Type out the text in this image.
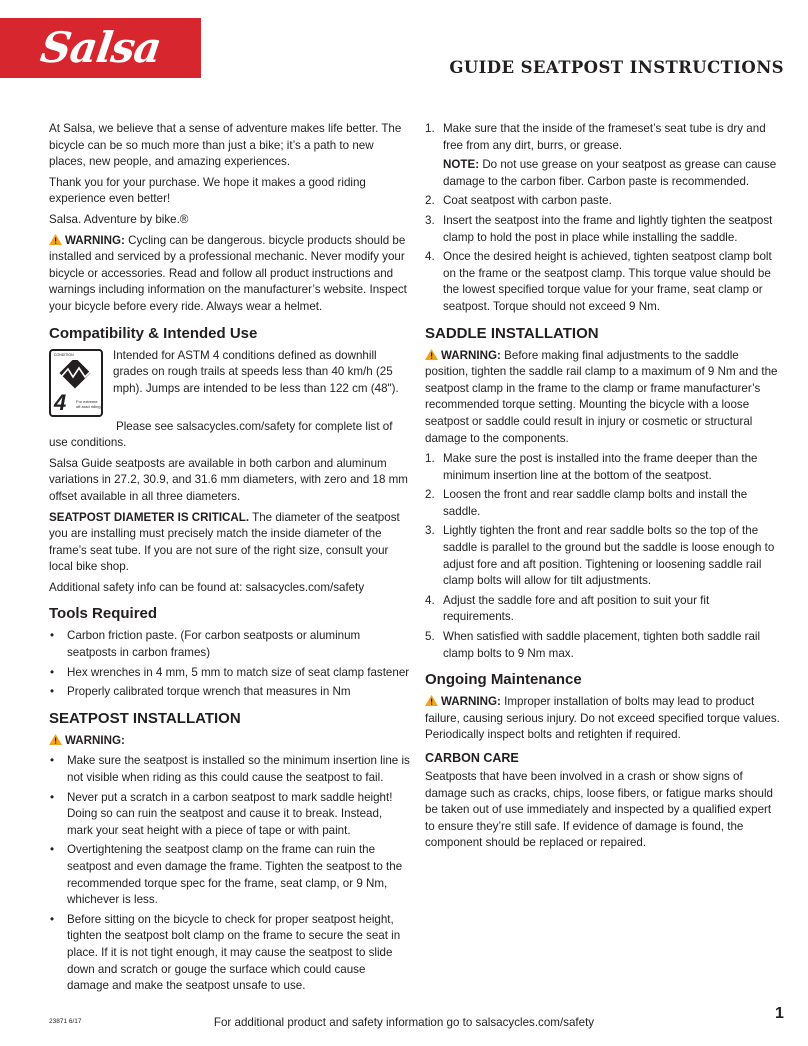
Salsa	GUIDE SEATPOST INSTRUCTIONS

At Salsa, we believe that a sense of adventure makes life better. The bicycle can be so much more than just a bike; it’s a path to new places, new people, and amazing experiences.

Thank you for your purchase. We hope it makes a good riding experience even better!

Salsa. Adventure by bike.®

WARNING: Cycling can be dangerous. bicycle products should be installed and serviced by a professional mechanic. Never modify your bicycle or accessories. Read and follow all product instructions and warnings including information on the manufacturer’s website. Inspect your bicycle before every ride. Always wear a helmet.

Compatibility & Intended Use
CONDITION
4 For extreme off-road riding

Intended for ASTM 4 conditions defined as downhill grades on rough trails at speeds less than 40 km/h (25 mph). Jumps are intended to be less than 122 cm (48").

Please see salsacycles.com/safety for complete list of use conditions.

Salsa Guide seatposts are available in both carbon and aluminum variations in 27.2, 30.9, and 31.6 mm diameters, with zero and 18 mm offset available in all three diameters.

SEATPOST DIAMETER IS CRITICAL. The diameter of the seatpost you are installing must precisely match the inside diameter of the frame’s seat tube. If you are not sure of the right size, consult your local bike shop.

Additional safety info can be found at: salsacycles.com/safety

Tools Required
• Carbon friction paste. (For carbon seatposts or aluminum seatposts in carbon frames)
• Hex wrenches in 4 mm, 5 mm to match size of seat clamp fastener
• Properly calibrated torque wrench that measures in Nm
SEATPOST INSTALLATION

WARNING:

• Make sure the seatpost is installed so the minimum insertion line is not visible when riding as this could cause the seatpost to fail.
• Never put a scratch in a carbon seatpost to mark saddle height! Doing so can ruin the seatpost and cause it to break. Instead, mark your seat height with a piece of tape or with paint.
• Overtightening the seatpost clamp on the frame can ruin the seatpost and even damage the frame. Tighten the seatpost to the recommended torque spec for the frame, seat clamp, or 9 Nm, whichever is less.
• Before sitting on the bicycle to check for proper seatpost height, tighten the seatpost bolt clamp on the frame to secure the seat in place. If it is not tight enough, it may cause the seatpost to slide down and scratch or gouge the surface which could cause damage and make the seatpost unsafe to use.
1. Make sure that the inside of the frameset’s seat tube is dry and free from any dirt, burrs, or grease.
NOTE: Do not use grease on your seatpost as grease can cause damage to the carbon fiber. Carbon paste is recommended.
2. Coat seatpost with carbon paste.
3. Insert the seatpost into the frame and lightly tighten the seatpost clamp to hold the post in place while installing the saddle.
4. Once the desired height is achieved, tighten seatpost clamp bolt on the frame or the seatpost clamp. This torque value should be the lowest specified torque value for your frame, seat clamp or seatpost. Torque should not exceed 9 Nm.
SADDLE INSTALLATION

WARNING: Before making final adjustments to the saddle position, tighten the saddle rail clamp to a maximum of 9 Nm and the seatpost clamp in the frame to the clamp or frame manufacturer’s recommended torque setting. Mounting the bicycle with a loose seatpost or saddle could result in injury or cosmetic or structural damage to the components.

1. Make sure the post is installed into the frame deeper than the minimum insertion line at the bottom of the seatpost.
2. Loosen the front and rear saddle clamp bolts and install the saddle.
3. Lightly tighten the front and rear saddle bolts so the top of the saddle is parallel to the ground but the saddle is loose enough to adjust fore and aft position. Tightening or loosening saddle rail clamp bolts will allow for tilt adjustments.
4. Adjust the saddle fore and aft position to suit your fit requirements.
5. When satisfied with saddle placement, tighten both saddle rail clamp bolts to 9 Nm max.
Ongoing Maintenance

WARNING: Improper installation of bolts may lead to product failure, causing serious injury. Do not exceed specified torque values. Periodically inspect bolts and retighten if required.

CARBON CARE

Seatposts that have been involved in a crash or show signs of damage such as cracks, chips, loose fibers, or fatigue marks should be taken out of use immediately and inspected by a qualified expert to ensure they’re still safe. If evidence of damage is found, the component should be replaced or repaired.

23871 6/17	For additional product and safety information go to salsacycles.com/safety
1
